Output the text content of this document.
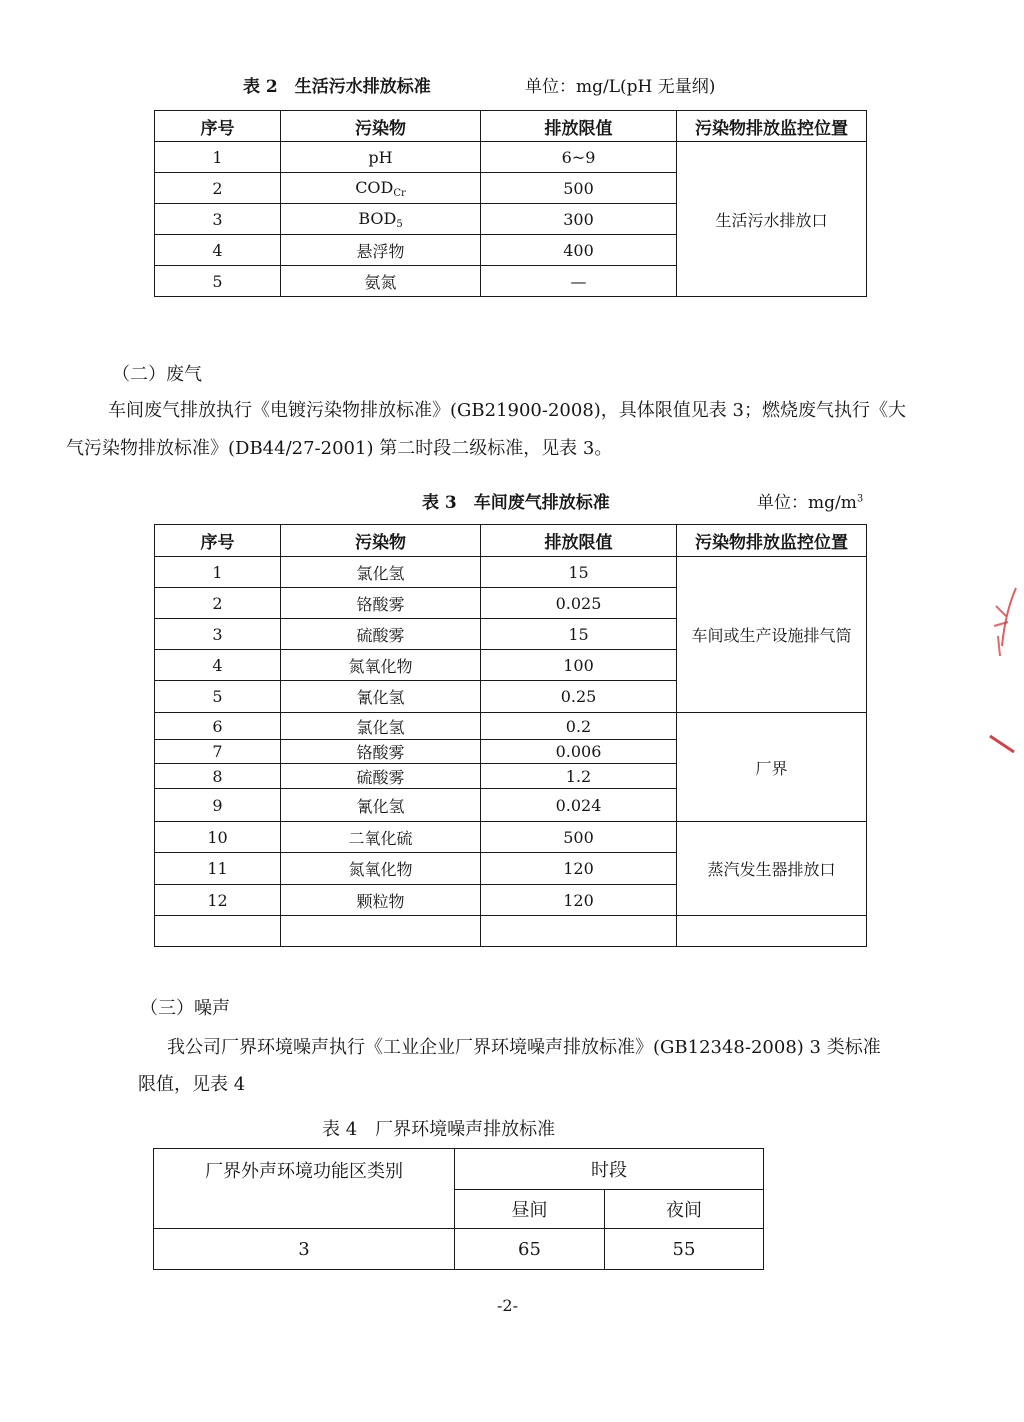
表 2　生活污水排放标准	单位：mg/L(pH 无量纲)
序号	污染物	排放限值	污染物排放监控位置
1	pH	6~9	生活污水排放口
2	$COD_{Cr}$	500	
3	$BOD_5$	300	
4	悬浮物	400	
5	氨氮	—	
（二）废气
车间废气排放执行《电镀污染物排放标准》(GB21900-2008)，具体限值见表 3；燃烧废气执行《大
气污染物排放标准》(DB44/27-2001) 第二时段二级标准，见表 3。
表 3　车间废气排放标准	单位：$mg/m^3$
序号	污染物	排放限值	污染物排放监控位置
1	氯化氢	15	车间或生产设施排气筒
2	铬酸雾	0.025	
3	硫酸雾	15	
4	氮氧化物	100	
5	氰化氢	0.25	
6	氯化氢	0.2	厂界
7	铬酸雾	0.006	
8	硫酸雾	1.2	
9	氰化氢	0.024	
10	二氧化硫	500	蒸汽发生器排放口
11	氮氧化物	120	
12	颗粒物	120	

（三）噪声
我公司厂界环境噪声执行《工业企业厂界环境噪声排放标准》(GB12348-2008) 3 类标准
限值，见表 4
表 4　厂界环境噪声排放标准
厂界外声环境功能区类别	时段	
	昼间	夜间
3	65	55
-2-
